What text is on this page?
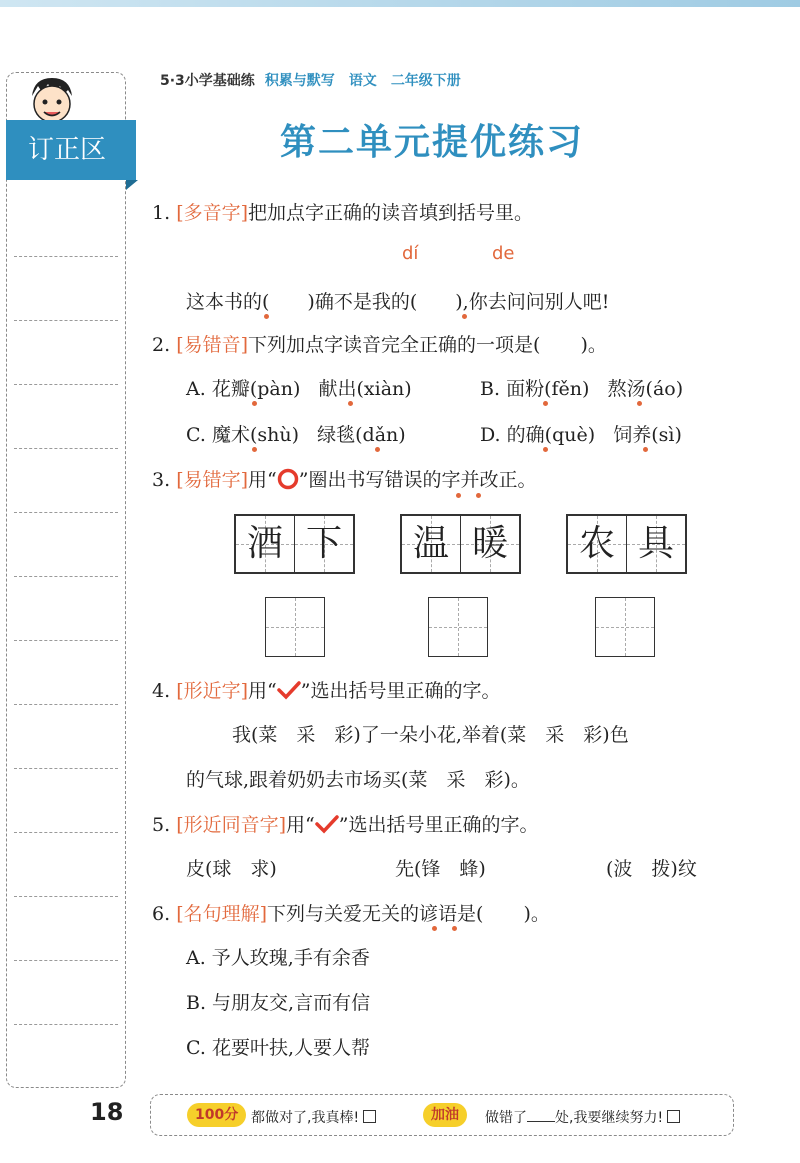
订正区
5·3小学基础练 积累与默写 语文 二年级下册
第二单元提优练习
1. [多音字]把加点字正确的读音填到括号里。
dí	de
这本书的( )确不是我的( ),你去问问别人吧!
2. [易错音]下列加点字读音完全正确的一项是( )。
A. 花瓣(pàn) 献出(xiàn)	B. 面粉(fěn) 熬汤(áo)
C. 魔术(shù) 绿毯(dǎn)	D. 的确(què) 饲养(sì)
3. [易错字]用“○”圈出书写错误的字并改正。
酒 下	温 暖	农 具
4. [形近字]用“ ”选出括号里正确的字。
我(菜　采　彩)了一朵小花,举着(菜　采　彩)色
的气球,跟着奶奶去市场买(菜　采　彩)。
5. [形近同音字]用“ ”选出括号里正确的字。
皮(球　求)	先(锋　蜂)	(波　拨)纹
6. [名句理解]下列与关爱无关的谚语是( )。
A. 予人玫瑰,手有余香
B. 与朋友交,言而有信
C. 花要叶扶,人要人帮
18	100分 都做对了,我真棒!	加油	做错了 处,我要继续努力!
